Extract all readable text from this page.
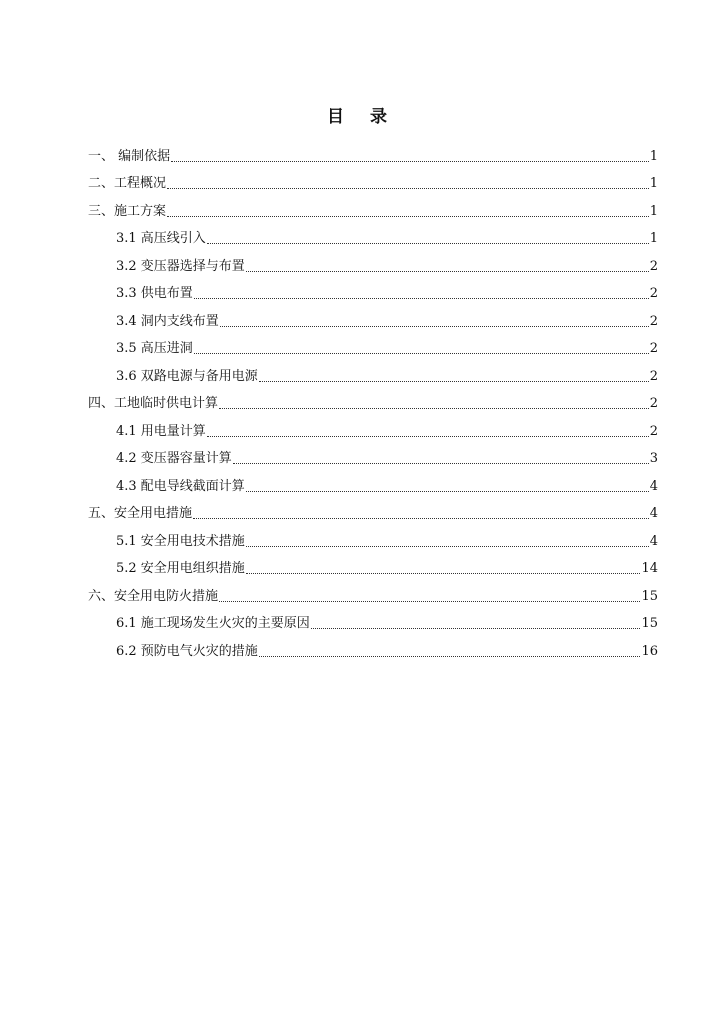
目 录
一、 编制依据	1
二、工程概况	1
三、施工方案	1
3.1 高压线引入	1
3.2 变压器选择与布置	2
3.3 供电布置	2
3.4 洞内支线布置	2
3.5 高压进洞	2
3.6 双路电源与备用电源	2
四、工地临时供电计算	2
4.1 用电量计算	2
4.2 变压器容量计算	3
4.3 配电导线截面计算	4
五、安全用电措施	4
5.1 安全用电技术措施	4
5.2 安全用电组织措施	14
六、安全用电防火措施	15
6.1 施工现场发生火灾的主要原因	15
6.2 预防电气火灾的措施	16
